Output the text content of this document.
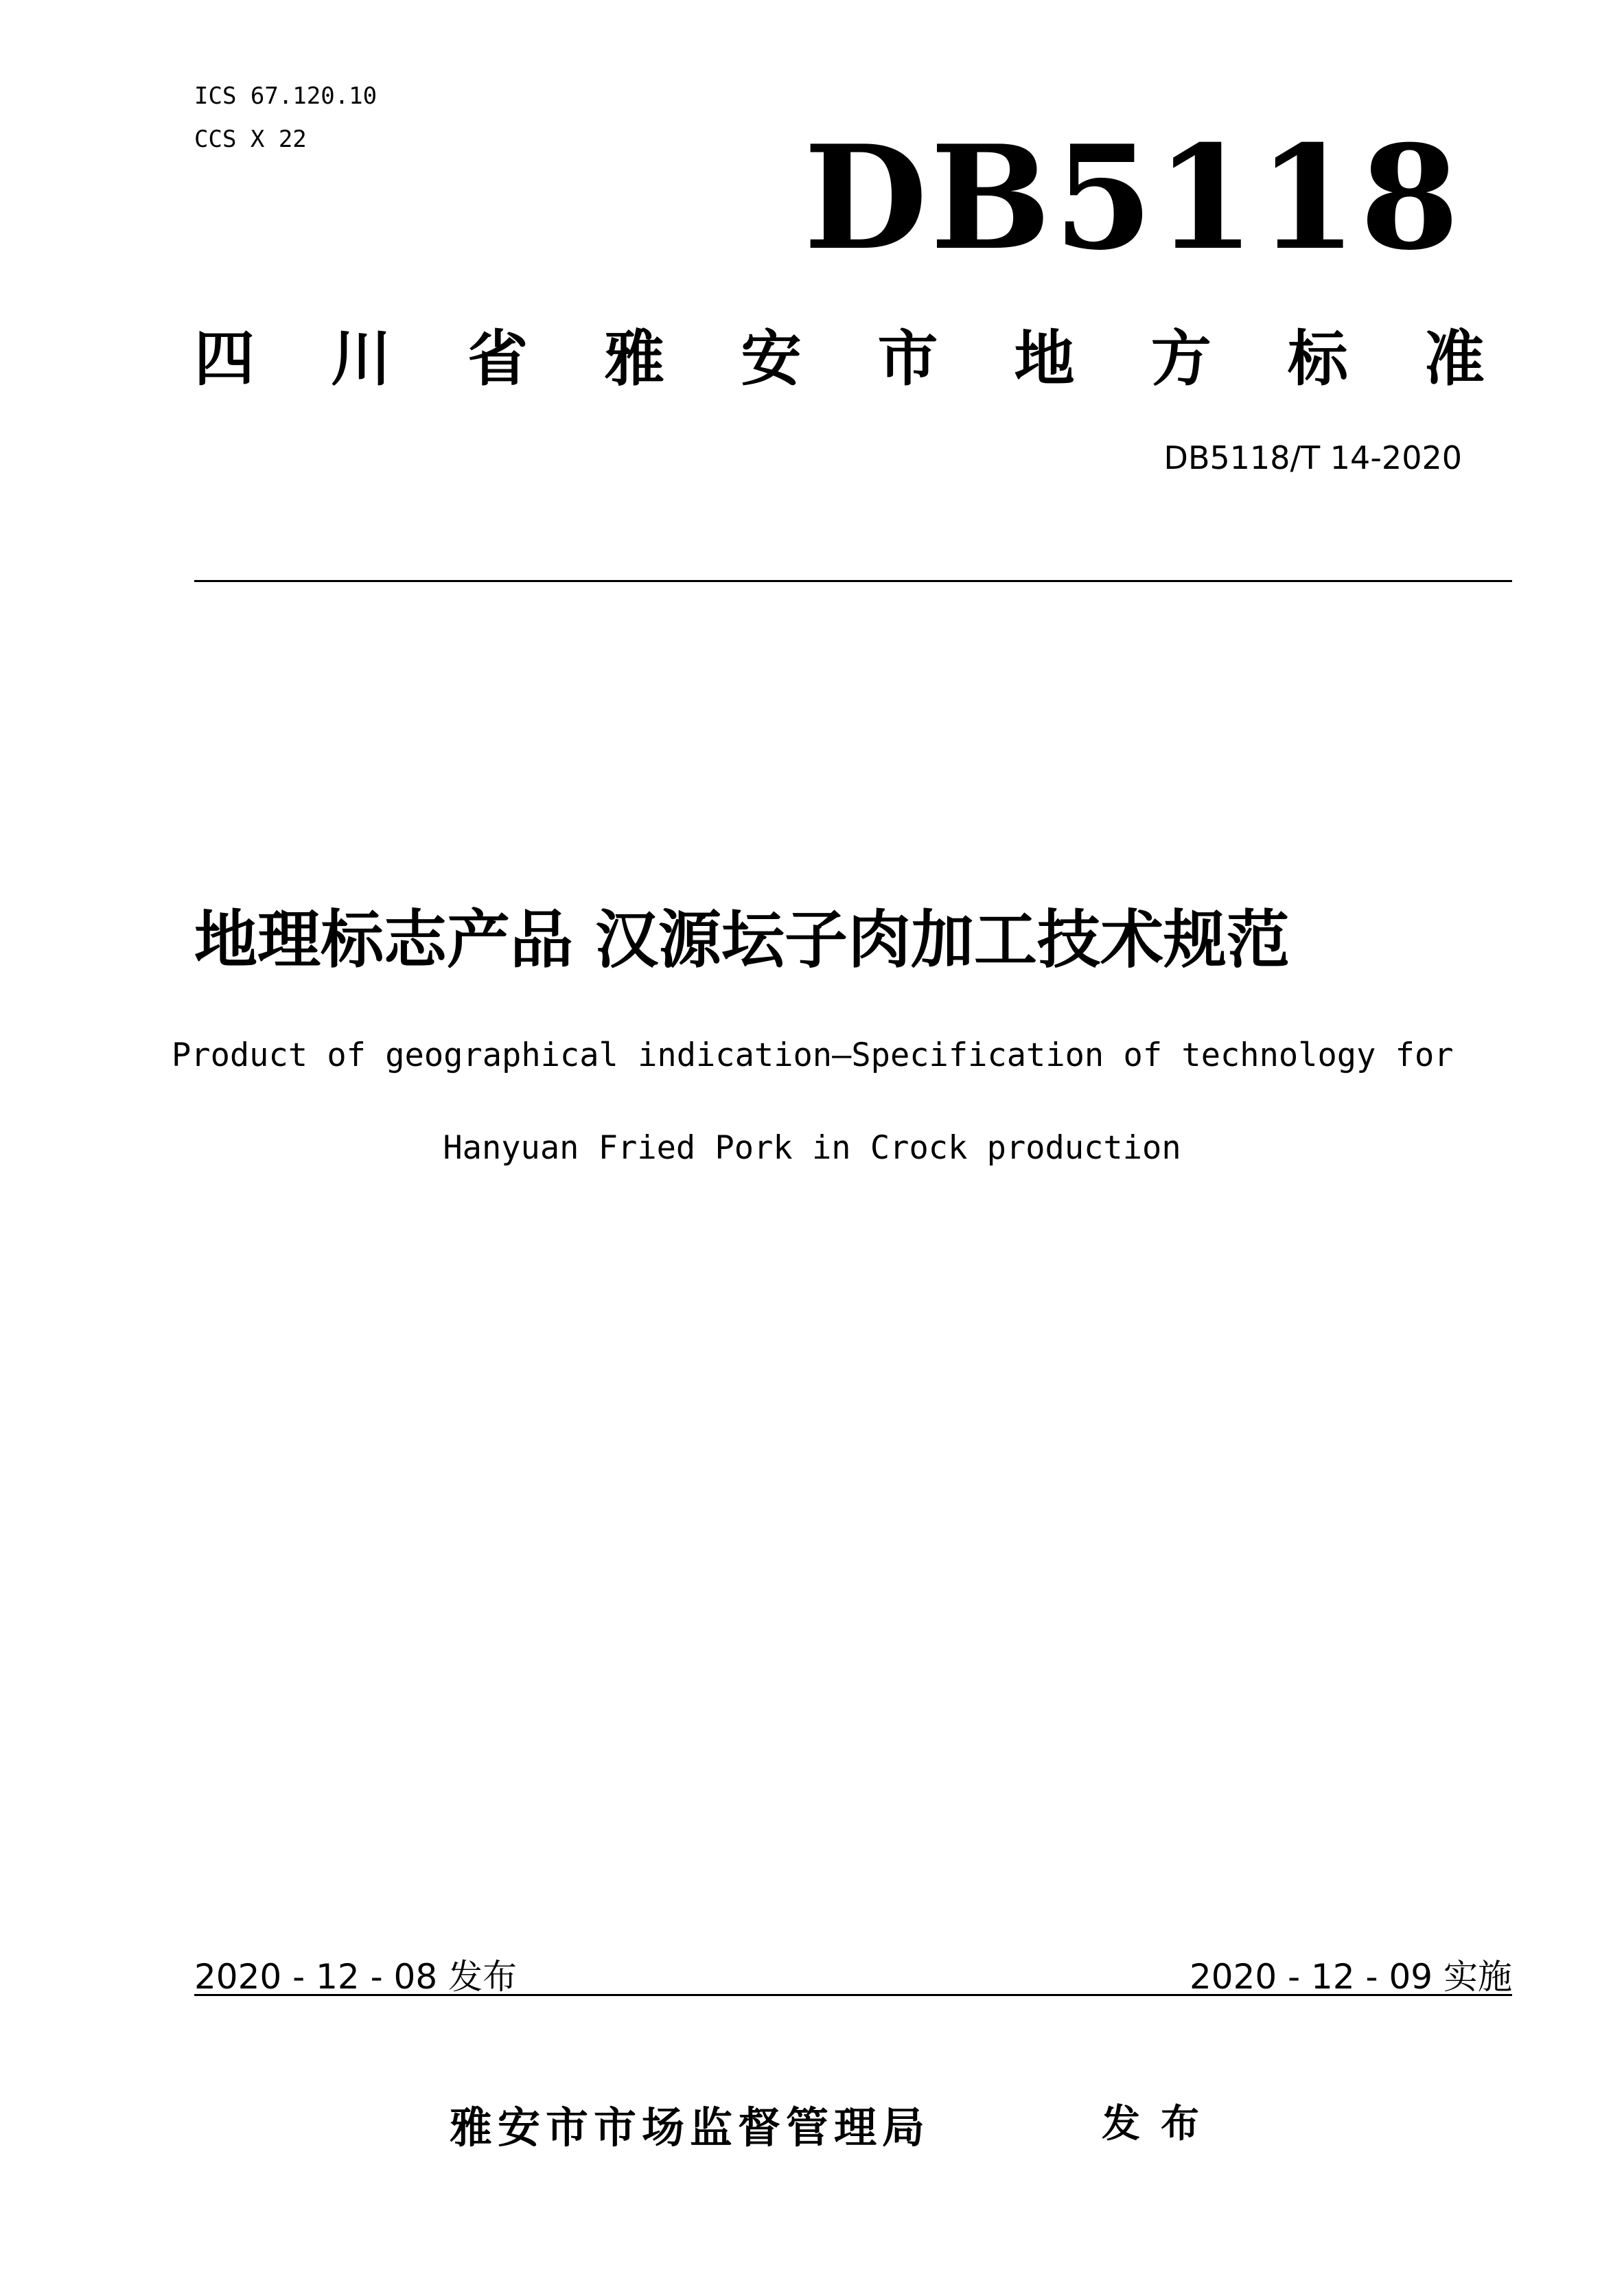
ICS 67.120.10
CCS X 22	DB5118
四 川 省 雅 安 市 地 方 标 准
DB5118/T 14-2020
地理标志产品 汉源坛子肉加工技术规范
Product of geographical indication—Specification of technology for
Hanyuan Fried Pork in Crock production
2020 - 12 - 08 发布	2020 - 12 - 09 实施
雅安市市场监督管理局	发布
